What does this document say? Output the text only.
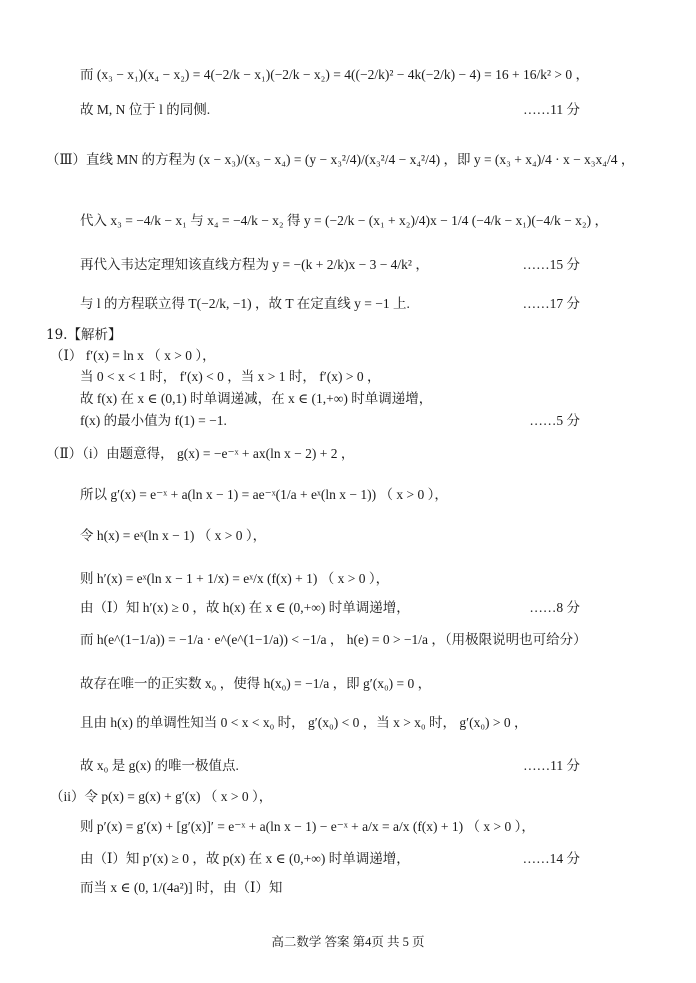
而 (x₃ − x₁)(x₄ − x₂) = 4(−2/k − x₁)(−2/k − x₂) = 4((−2/k)² − 4k(−2/k) − 4) = 16 + 16/k² > 0 ，
故 M, N 位于 l 的同侧.	……11 分
（Ⅲ）直线 MN 的方程为 (x − x₃)/(x₃ − x₄) = (y − x₃²/4)/(x₃²/4 − x₄²/4) ，即 y = (x₃ + x₄)/4 · x − x₃x₄/4 ，
代入 x₃ = −4/k − x₁ 与 x₄ = −4/k − x₂ 得 y = (−2/k − (x₁ + x₂)/4)x − 1/4 (−4/k − x₁)(−4/k − x₂) ，
再代入韦达定理知该直线方程为 y = −(k + 2/k)x − 3 − 4/k² ，	……15 分
与 l 的方程联立得 T(−2/k, −1) ，故 T 在定直线 y = −1 上.	……17 分
19.【解析】
（Ⅰ） f′(x) = ln x （ x > 0 ），
当 0 < x < 1 时， f′(x) < 0 ，当 x > 1 时， f′(x) > 0 ，
故 f(x) 在 x ∈ (0,1) 时单调递减，在 x ∈ (1,+∞) 时单调递增，
f(x) 的最小值为 f(1) = −1.	……5 分
（Ⅱ）（i）由题意得， g(x) = −e⁻ˣ + ax(ln x − 2) + 2 ，
所以 g′(x) = e⁻ˣ + a(ln x − 1) = ae⁻ˣ(1/a + eˣ(ln x − 1)) （ x > 0 ），
令 h(x) = eˣ(ln x − 1) （ x > 0 ），
则 h′(x) = eˣ(ln x − 1 + 1/x) = eˣ/x (f(x) + 1) （ x > 0 ），
由（Ⅰ）知 h′(x) ≥ 0 ，故 h(x) 在 x ∈ (0,+∞) 时单调递增，	……8 分
而 h(e^(1−1/a)) = −1/a · e^(e^(1−1/a)) < −1/a ， h(e) = 0 > −1/a ，（用极限说明也可给分）
故存在唯一的正实数 x₀ ，使得 h(x₀) = −1/a ，即 g′(x₀) = 0 ，
且由 h(x) 的单调性知当 0 < x < x₀ 时， g′(x₀) < 0 ，当 x > x₀ 时， g′(x₀) > 0 ，
故 x₀ 是 g(x) 的唯一极值点.	……11 分
（ii）令 p(x) = g(x) + g′(x) （ x > 0 ），
则 p′(x) = g′(x) + [g′(x)]′ = e⁻ˣ + a(ln x − 1) − e⁻ˣ + a/x = a/x (f(x) + 1) （ x > 0 ），
由（Ⅰ）知 p′(x) ≥ 0 ，故 p(x) 在 x ∈ (0,+∞) 时单调递增，	……14 分
而当 x ∈ (0, 1/(4a²)] 时，由（Ⅰ）知
高二数学 答案 第4页 共 5 页
